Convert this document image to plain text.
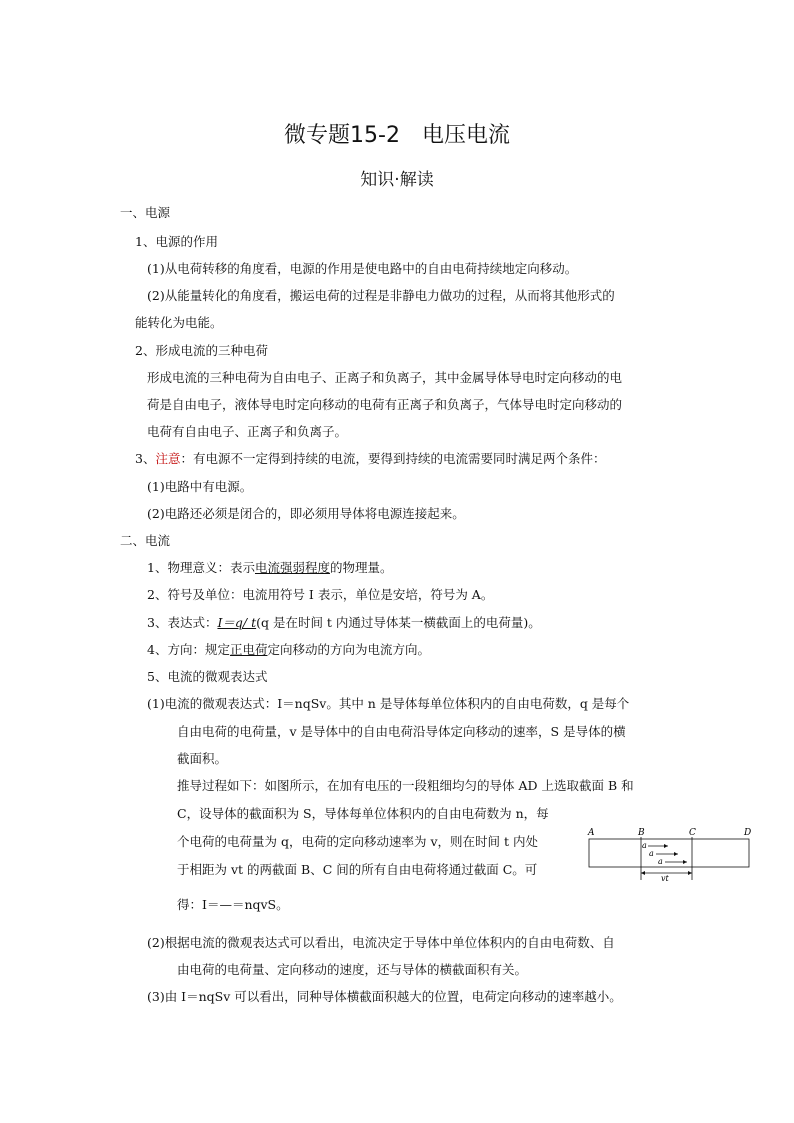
微专题15-2　电压电流
知识·解读
一、电源
1、电源的作用
(1)从电荷转移的角度看，电源的作用是使电路中的自由电荷持续地定向移动。
(2)从能量转化的角度看，搬运电荷的过程是非静电力做功的过程，从而将其他形式的
能转化为电能。
2、形成电流的三种电荷
形成电流的三种电荷为自由电子、正离子和负离子，其中金属导体导电时定向移动的电
荷是自由电子，液体导电时定向移动的电荷有正离子和负离子，气体导电时定向移动的
电荷有自由电子、正离子和负离子。
3、注意：有电源不一定得到持续的电流，要得到持续的电流需要同时满足两个条件：
(1)电路中有电源。
(2)电路还必须是闭合的，即必须用导体将电源连接起来。
二、电流
1、物理意义：表示电流强弱程度的物理量。
2、符号及单位：电流用符号 I 表示，单位是安培，符号为 A。
3、表达式：I＝q/ t(q 是在时间 t 内通过导体某一横截面上的电荷量)。
4、方向：规定正电荷定向移动的方向为电流方向。
5、电流的微观表达式
(1)电流的微观表达式：I＝nqSv。其中 n 是导体每单位体积内的自由电荷数，q 是每个
自由电荷的电荷量，v 是导体中的自由电荷沿导体定向移动的速率，S 是导体的横
截面积。
推导过程如下：如图所示，在加有电压的一段粗细均匀的导体 AD 上选取截面 B 和
C，设导体的截面积为 S，导体每单位体积内的自由电荷数为 n，每
个电荷的电荷量为 q，电荷的定向移动速率为 v，则在时间 t 内处
于相距为 vt 的两截面 B、C 间的所有自由电荷将通过截面 C。可
得：I＝—＝nqvS。
(2)根据电流的微观表达式可以看出，电流决定于导体中单位体积内的自由电荷数、自
由电荷的电荷量、定向移动的速度，还与导体的横截面积有关。
(3)由 I＝nqSv 可以看出，同种导体横截面积越大的位置，电荷定向移动的速率越小。
A	B	C	D
a
a
a
vt
